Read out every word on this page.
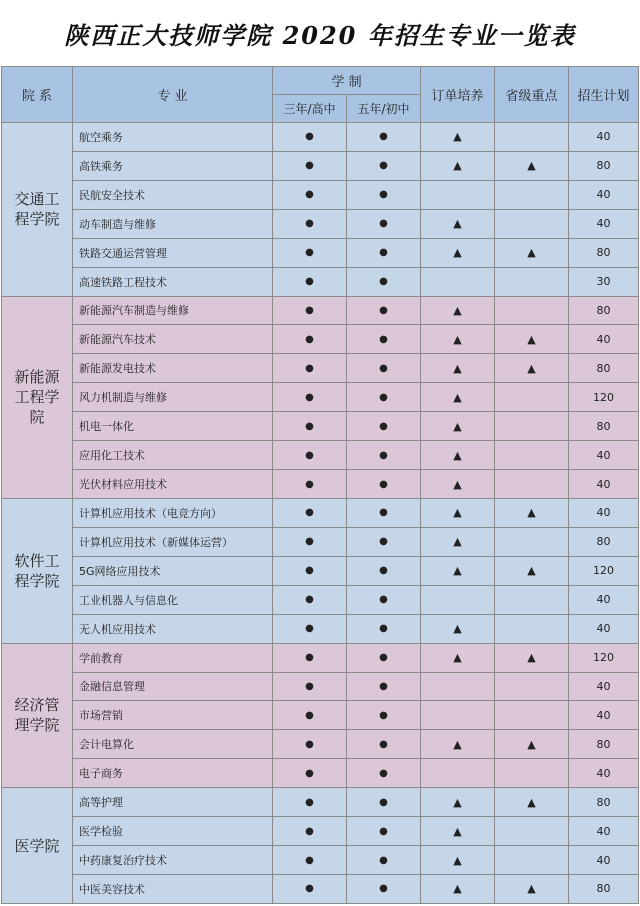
陕西正大技师学院 2020 年招生专业一览表
院 系	专 业	学 制		订单培养	省级重点	招生计划
		三年/高中	五年/初中			
交通工程学院	航空乘务	●	●	▲		40
	高铁乘务	●	●	▲	▲	80
	民航安全技术	●	●			40
	动车制造与维修	●	●	▲		40
	铁路交通运营管理	●	●	▲	▲	80
	高速铁路工程技术	●	●			30
新能源工程学院	新能源汽车制造与维修	●	●	▲		80
	新能源汽车技术	●	●	▲	▲	40
	新能源发电技术	●	●	▲	▲	80
	风力机制造与维修	●	●	▲		120
	机电一体化	●	●	▲		80
	应用化工技术	●	●	▲		40
	光伏材料应用技术	●	●	▲		40
软件工程学院	计算机应用技术（电竞方向）	●	●	▲	▲	40
	计算机应用技术（新媒体运营）	●	●	▲		80
	5G网络应用技术	●	●	▲	▲	120
	工业机器人与信息化	●	●			40
	无人机应用技术	●	●	▲		40
经济管理学院	学前教育	●	●	▲	▲	120
	金融信息管理	●	●			40
	市场营销	●	●			40
	会计电算化	●	●	▲	▲	80
	电子商务	●	●			40
医学院	高等护理	●	●	▲	▲	80
	医学检验	●	●	▲		40
	中药康复治疗技术	●	●	▲		40
	中医美容技术	●	●	▲	▲	80
